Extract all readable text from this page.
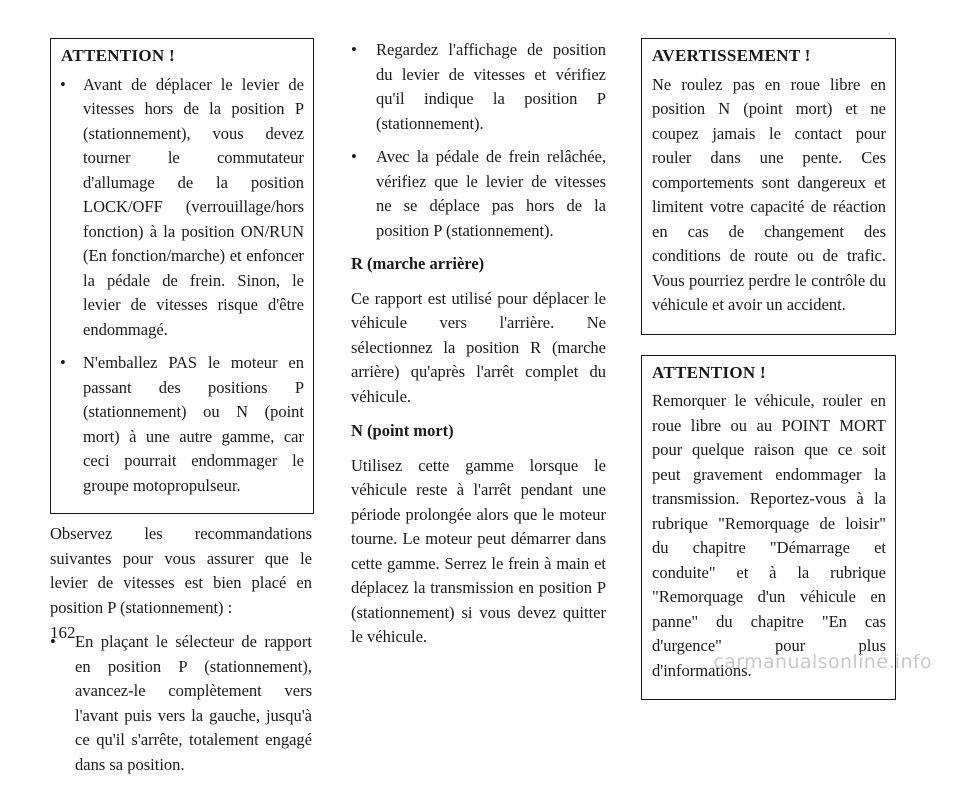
ATTENTION !
• Avant de déplacer le levier de vitesses hors de la position P (stationnement), vous devez tourner le commutateur d'allumage de la position LOCK/OFF (verrouillage/hors fonction) à la position ON/RUN (En fonction/marche) et enfoncer la pédale de frein. Sinon, le levier de vitesses risque d'être endommagé.
• N'emballez PAS le moteur en passant des positions P (stationnement) ou N (point mort) à une autre gamme, car ceci pourrait endommager le groupe motopropulseur.

Observez les recommandations suivantes pour vous assurer que le levier de vitesses est bien placé en position P (stationnement) :

• En plaçant le sélecteur de rapport en position P (stationnement), avancez-le complètement vers l'avant puis vers la gauche, jusqu'à ce qu'il s'arrête, totalement engagé dans sa position.
• Regardez l'affichage de position du levier de vitesses et vérifiez qu'il indique la position P (stationnement).
• Avec la pédale de frein relâchée, vérifiez que le levier de vitesses ne se déplace pas hors de la position P (stationnement).
R (marche arrière)

Ce rapport est utilisé pour déplacer le véhicule vers l'arrière. Ne sélectionnez la position R (marche arrière) qu'après l'arrêt complet du véhicule.

N (point mort)

Utilisez cette gamme lorsque le véhicule reste à l'arrêt pendant une période prolongée alors que le moteur tourne. Le moteur peut démarrer dans cette gamme. Serrez le frein à main et déplacez la transmission en position P (stationnement) si vous devez quitter le véhicule.

AVERTISSEMENT !

Ne roulez pas en roue libre en position N (point mort) et ne coupez jamais le contact pour rouler dans une pente. Ces comportements sont dangereux et limitent votre capacité de réaction en cas de changement des conditions de route ou de trafic. Vous pourriez perdre le contrôle du véhicule et avoir un accident.

ATTENTION !

Remorquer le véhicule, rouler en roue libre ou au POINT MORT pour quelque raison que ce soit peut gravement endommager la transmission. Reportez-vous à la rubrique "Remorquage de loisir" du chapitre "Démarrage et conduite" et à la rubrique "Remorquage d'un véhicule en panne" du chapitre "En cas d'urgence" pour plus d'informations.

162
carmanualsonline.info
